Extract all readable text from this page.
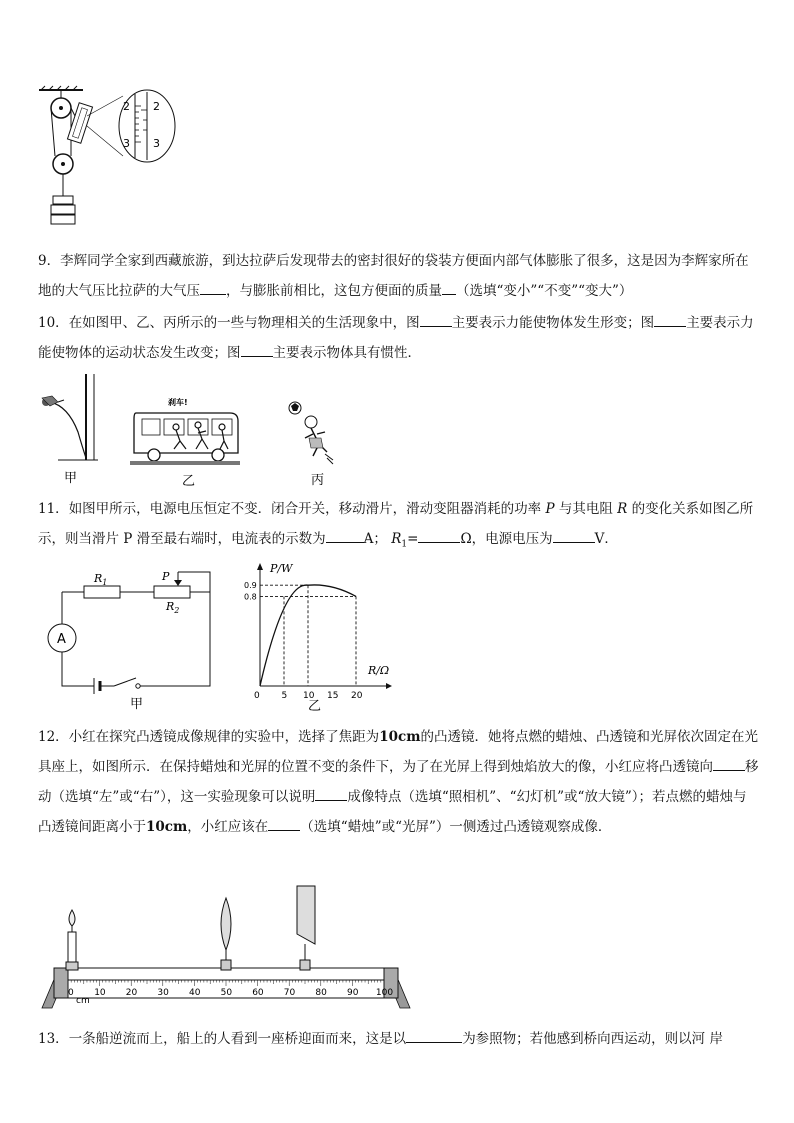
2
3
2
3

9．李辉同学全家到西藏旅游，到达拉萨后发现带去的密封很好的袋装方便面内部气体膨胀了很多，这是因为李辉家所在地的大气压比拉萨的大气压 ，与膨胀前相比，这包方便面的质量 （选填“变小”“不变”“变大”）

10．在如图甲、乙、丙所示的一些与物理相关的生活现象中，图 主要表示力能使物体发生形变；图 主要表示力能使物体的运动状态发生改变；图 主要表示物体具有惯性．

甲
刹车!
乙	丙

11．如图甲所示，电源电压恒定不变．闭合开关，移动滑片，滑动变阻器消耗的功率 P 与其电阻 R 的变化关系如图乙所示，则当滑片 P 滑至最右端时，电流表的示数为	A； $R_1=$	Ω，电源电压为	V．

A
$R_1$	P
$R_2$
甲
P/W
R/Ω
0
0.9
0.8
5 10 15 20
乙

12．小红在探究凸透镜成像规律的实验中，选择了焦距为10cm的凸透镜．她将点燃的蜡烛、凸透镜和光屏依次固定在光具座上，如图所示．在保持蜡烛和光屏的位置不变的条件下，为了在光屏上得到烛焰放大的像，小红应将凸透镜向 移动（选填“左”或“右”），这一实验现象可以说明 成像特点（选填“照相机”、“幻灯机”或“放大镜”）；若点燃的蜡烛与凸透镜间距离小于10cm，小红应该在 （选填“蜡烛”或“光屏”）一侧透过凸透镜观察成像．

0 10 20 30 40 50 60 70 80 90 100
cm

13．一条船逆流而上，船上的人看到一座桥迎面而来，这是以	为参照物；若他感到桥向西运动，则以河 岸
